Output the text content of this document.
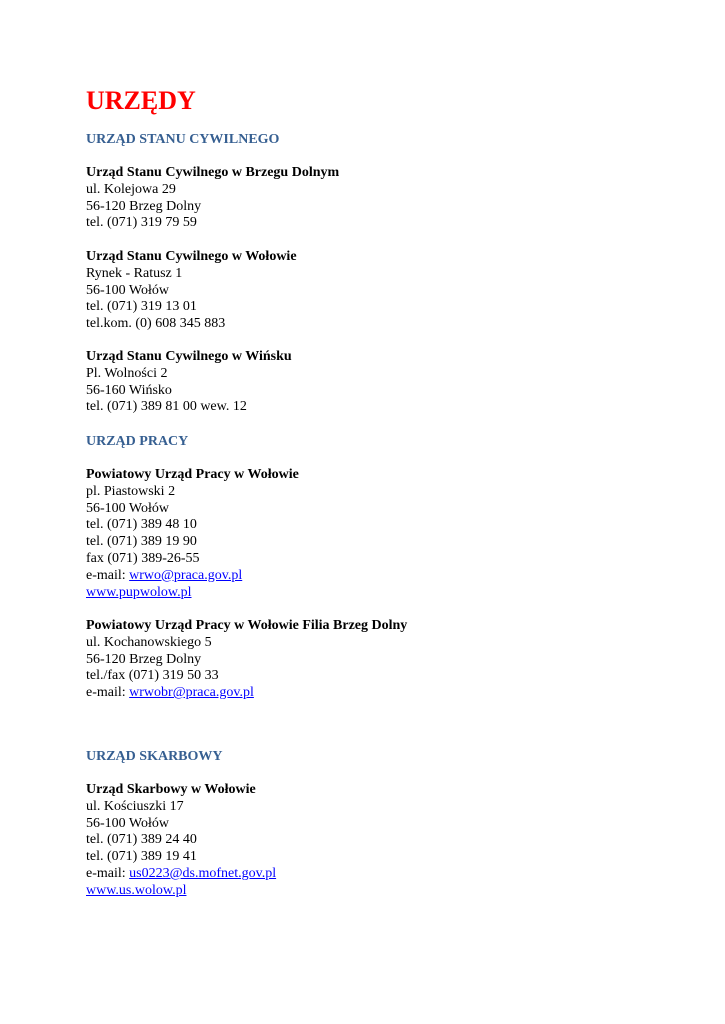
URZĘDY
URZĄD STANU CYWILNEGO
Urząd Stanu Cywilnego w Brzegu Dolnym
ul. Kolejowa 29
56-120 Brzeg Dolny
tel. (071) 319 79 59
Urząd Stanu Cywilnego w Wołowie
Rynek - Ratusz 1
56-100 Wołów
tel. (071) 319 13 01
tel.kom. (0) 608 345 883
Urząd Stanu Cywilnego w Wińsku
Pl. Wolności 2
56-160 Wińsko
tel. (071) 389 81 00 wew. 12
URZĄD PRACY
Powiatowy Urząd Pracy w Wołowie
pl. Piastowski 2
56-100 Wołów
tel. (071) 389 48 10
tel. (071) 389 19 90
fax (071) 389-26-55
e-mail: wrwo@praca.gov.pl
www.pupwolow.pl
Powiatowy Urząd Pracy w Wołowie Filia Brzeg Dolny
ul. Kochanowskiego 5
56-120 Brzeg Dolny
tel./fax (071) 319 50 33
e-mail: wrwobr@praca.gov.pl
URZĄD SKARBOWY
Urząd Skarbowy w Wołowie
ul. Kościuszki 17
56-100 Wołów
tel. (071) 389 24 40
tel. (071) 389 19 41
e-mail: us0223@ds.mofnet.gov.pl
www.us.wolow.pl
